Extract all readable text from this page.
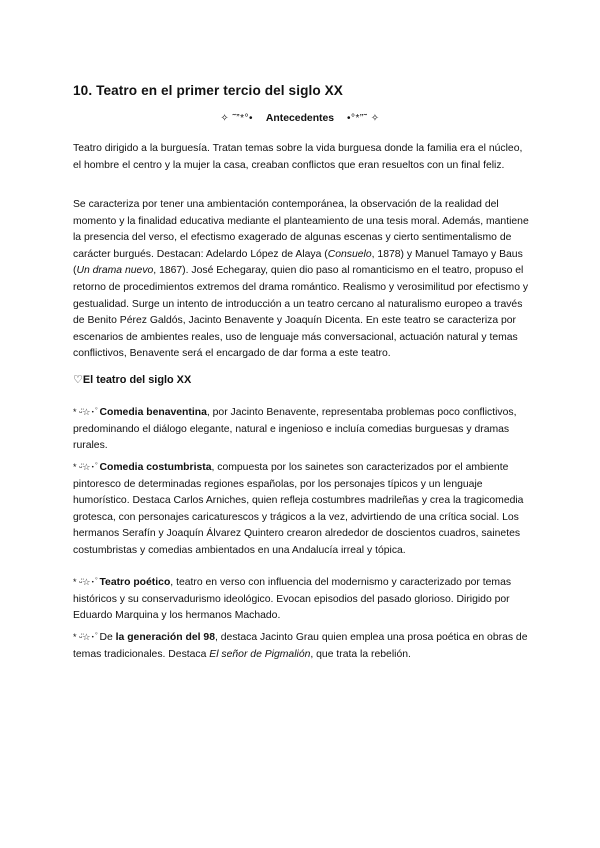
10. Teatro en el primer tercio del siglo XX
✧ ˜”*°• Antecedentes •°*”˜ ✧

Teatro dirigido a la burguesía. Tratan temas sobre la vida burguesa donde la familia era el núcleo, el hombre el centro y la mujer la casa, creaban conflictos que eran resueltos con un final feliz.

Se caracteriza por tener una ambientación contemporánea, la observación de la realidad del momento y la finalidad educativa mediante el planteamiento de una tesis moral. Además, mantiene la presencia del verso, el efectismo exagerado de algunas escenas y cierto sentimentalismo de carácter burgués. Destacan: Adelardo López de Alaya (Consuelo, 1878) y Manuel Tamayo y Baus (Un drama nuevo, 1867). José Echegaray, quien dio paso al romanticismo en el teatro, propuso el retorno de procedimientos extremos del drama romántico. Realismo y verosimilitud por efectismo y gestualidad. Surge un intento de introducción a un teatro cercano al naturalismo europeo a través de Benito Pérez Galdós, Jacinto Benavente y Joaquín Dicenta. En este teatro se caracteriza por escenarios de ambientes reales, uso de lenguaje más conversacional, actuación natural y temas conflictivos, Benavente será el encargado de dar forma a este teatro.

♡El teatro del siglo XX

* ᵕ̈☆･ﾟComedia benaventina, por Jacinto Benavente, representaba problemas poco conflictivos, predominando el diálogo elegante, natural e ingenioso e incluía comedias burguesas y dramas rurales.

* ᵕ̈☆･ﾟComedia costumbrista, compuesta por los sainetes son caracterizados por el ambiente pintoresco de determinadas regiones españolas, por los personajes típicos y un lenguaje humorístico. Destaca Carlos Arniches, quien refleja costumbres madrileñas y crea la tragicomedia grotesca, con personajes caricaturescos y trágicos a la vez, advirtiendo de una crítica social. Los hermanos Serafín y Joaquín Álvarez Quintero crearon alrededor de doscientos cuadros, sainetes costumbristas y comedias ambientados en una Andalucía irreal y tópica.

* ᵕ̈☆･ﾟTeatro poético, teatro en verso con influencia del modernismo y caracterizado por temas históricos y su conservadurismo ideológico. Evocan episodios del pasado glorioso. Dirigido por Eduardo Marquina y los hermanos Machado.

* ᵕ̈☆･ﾟDe la generación del 98, destaca Jacinto Grau quien emplea una prosa poética en obras de temas tradicionales. Destaca El señor de Pigmalión, que trata la rebelión.
